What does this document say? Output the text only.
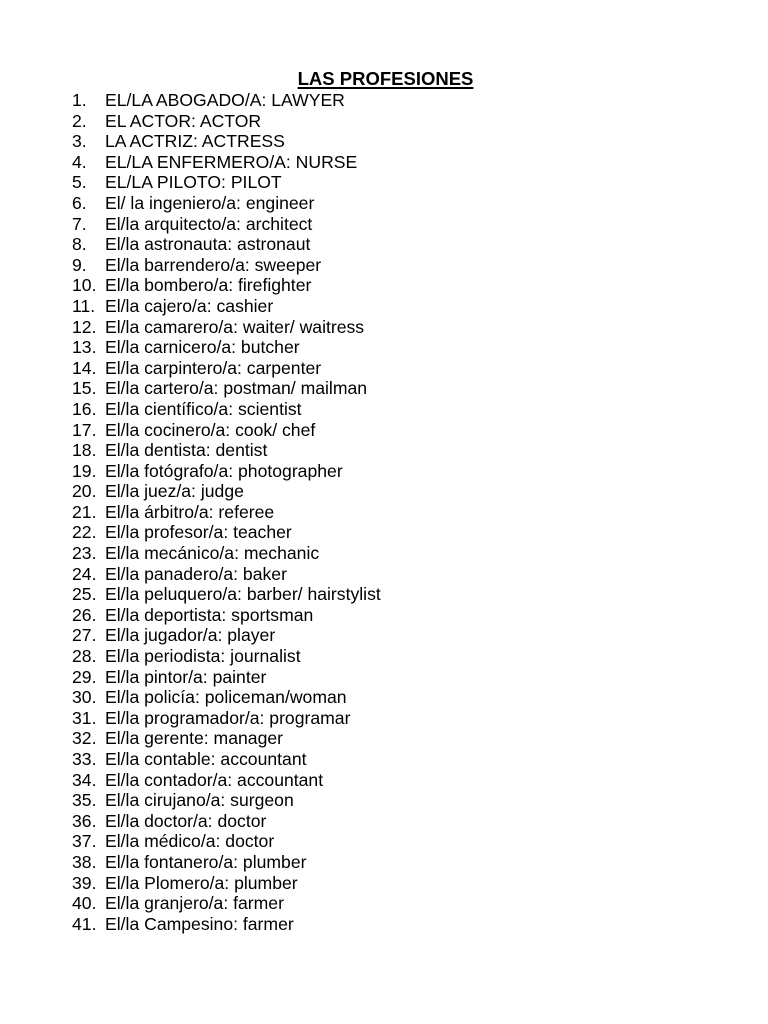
LAS PROFESIONES
1. EL/LA ABOGADO/A: LAWYER
2. EL ACTOR: ACTOR
3. LA ACTRIZ: ACTRESS
4. EL/LA ENFERMERO/A: NURSE
5. EL/LA PILOTO: PILOT
6. El/ la ingeniero/a: engineer
7. El/la arquitecto/a: architect
8. El/la astronauta: astronaut
9. El/la barrendero/a: sweeper
10. El/la bombero/a: firefighter
11. El/la cajero/a: cashier
12. El/la camarero/a: waiter/ waitress
13. El/la carnicero/a: butcher
14. El/la carpintero/a: carpenter
15. El/la cartero/a: postman/ mailman
16. El/la científico/a: scientist
17. El/la cocinero/a: cook/ chef
18. El/la dentista: dentist
19. El/la fotógrafo/a: photographer
20. El/la juez/a: judge
21. El/la árbitro/a: referee
22. El/la profesor/a: teacher
23. El/la mecánico/a: mechanic
24. El/la panadero/a: baker
25. El/la peluquero/a: barber/ hairstylist
26. El/la deportista: sportsman
27. El/la jugador/a: player
28. El/la periodista: journalist
29. El/la pintor/a: painter
30. El/la policía: policeman/woman
31. El/la programador/a: programar
32. El/la gerente: manager
33. El/la contable: accountant
34. El/la contador/a: accountant
35. El/la cirujano/a: surgeon
36. El/la doctor/a: doctor
37. El/la médico/a: doctor
38. El/la fontanero/a: plumber
39. El/la Plomero/a: plumber
40. El/la granjero/a: farmer
41. El/la Campesino: farmer
